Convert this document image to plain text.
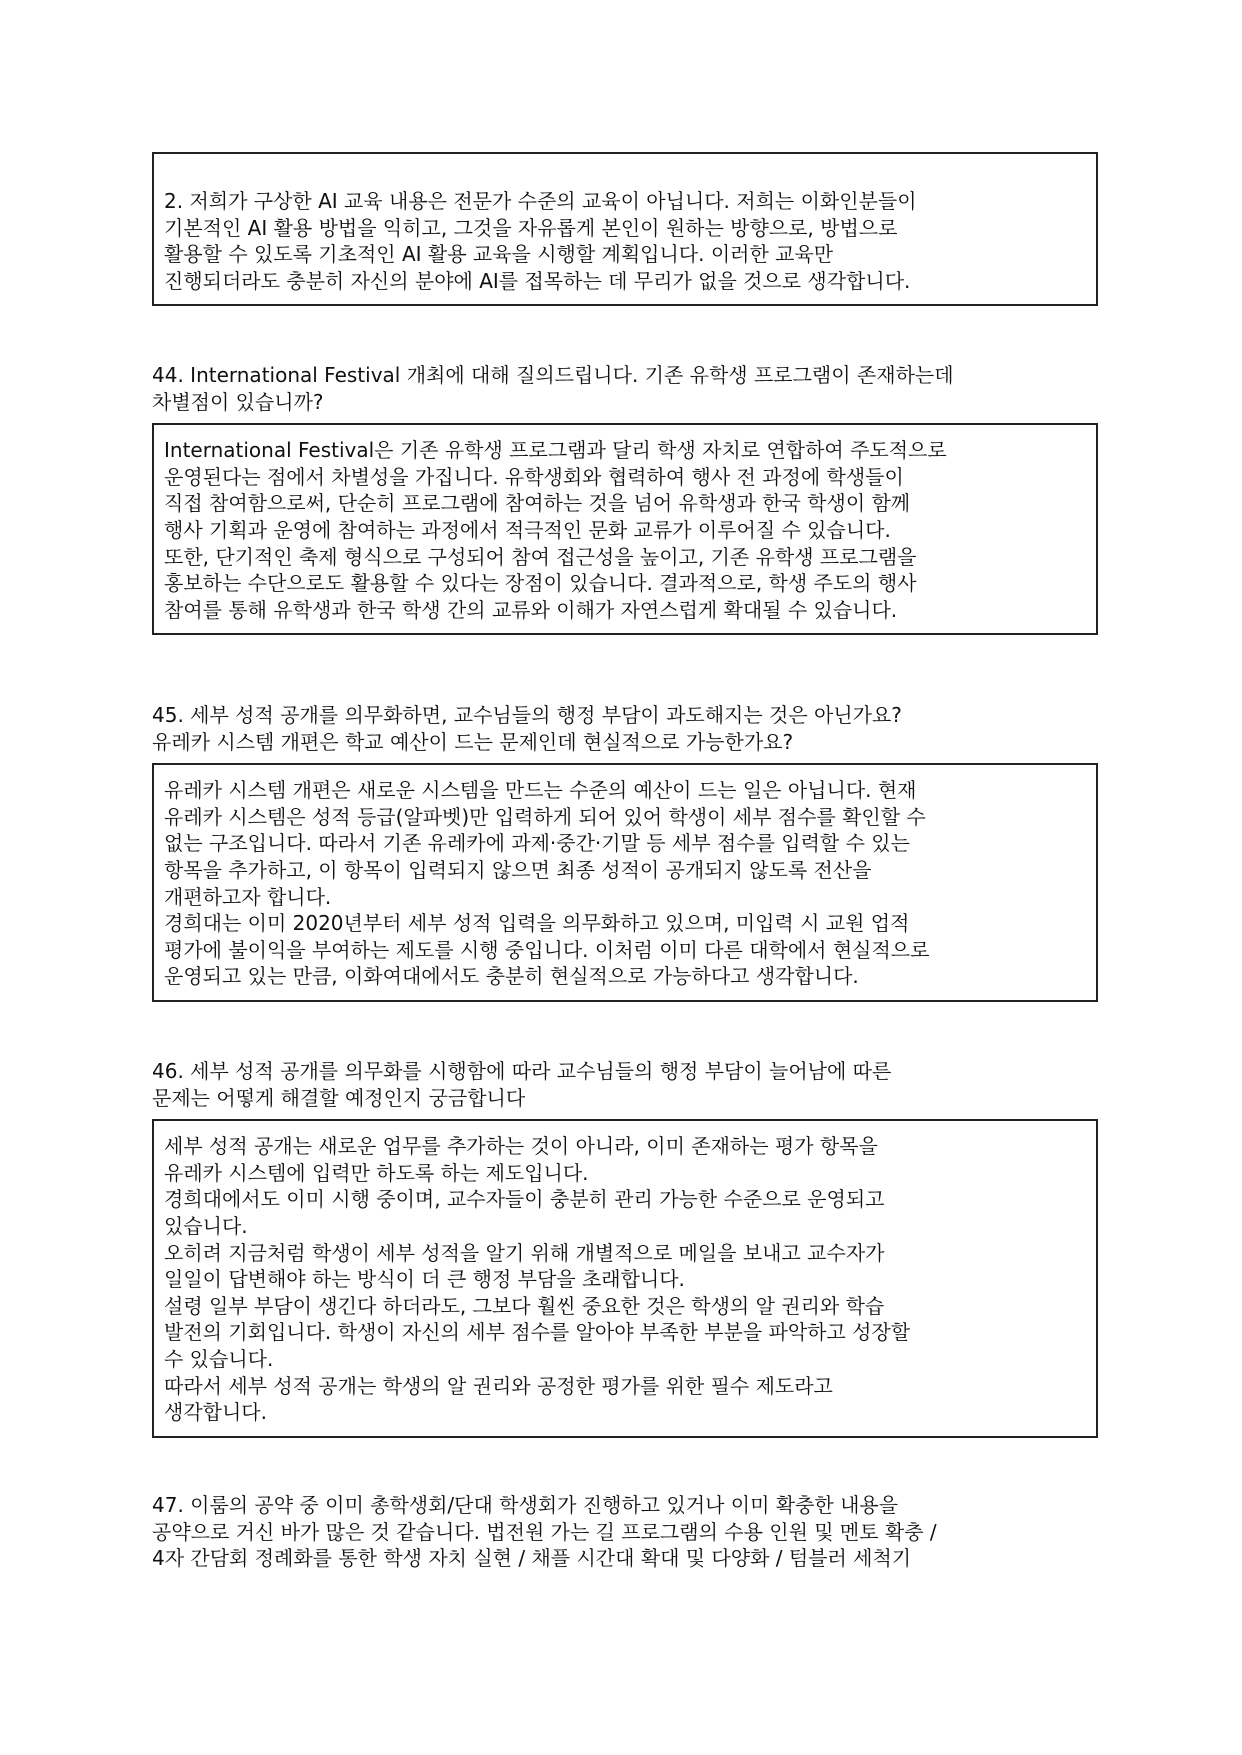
2. 저희가 구상한 AI 교육 내용은 전문가 수준의 교육이 아닙니다. 저희는 이화인분들이

기본적인 AI 활용 방법을 익히고, 그것을 자유롭게 본인이 원하는 방향으로, 방법으로

활용할 수 있도록 기초적인 AI 활용 교육을 시행할 계획입니다. 이러한 교육만

진행되더라도 충분히 자신의 분야에 AI를 접목하는 데 무리가 없을 것으로 생각합니다.

44. International Festival 개최에 대해 질의드립니다. 기존 유학생 프로그램이 존재하는데
차별점이 있습니까?

International Festival은 기존 유학생 프로그램과 달리 학생 자치로 연합하여 주도적으로

운영된다는 점에서 차별성을 가집니다. 유학생회와 협력하여 행사 전 과정에 학생들이

직접 참여함으로써, 단순히 프로그램에 참여하는 것을 넘어 유학생과 한국 학생이 함께

행사 기획과 운영에 참여하는 과정에서 적극적인 문화 교류가 이루어질 수 있습니다.

또한, 단기적인 축제 형식으로 구성되어 참여 접근성을 높이고, 기존 유학생 프로그램을

홍보하는 수단으로도 활용할 수 있다는 장점이 있습니다. 결과적으로, 학생 주도의 행사

참여를 통해 유학생과 한국 학생 간의 교류와 이해가 자연스럽게 확대될 수 있습니다.

45. 세부 성적 공개를 의무화하면, 교수님들의 행정 부담이 과도해지는 것은 아닌가요?
유레카 시스템 개편은 학교 예산이 드는 문제인데 현실적으로 가능한가요?

유레카 시스템 개편은 새로운 시스템을 만드는 수준의 예산이 드는 일은 아닙니다. 현재

유레카 시스템은 성적 등급(알파벳)만 입력하게 되어 있어 학생이 세부 점수를 확인할 수

없는 구조입니다. 따라서 기존 유레카에 과제·중간·기말 등 세부 점수를 입력할 수 있는

항목을 추가하고, 이 항목이 입력되지 않으면 최종 성적이 공개되지 않도록 전산을

개편하고자 합니다.

경희대는 이미 2020년부터 세부 성적 입력을 의무화하고 있으며, 미입력 시 교원 업적

평가에 불이익을 부여하는 제도를 시행 중입니다. 이처럼 이미 다른 대학에서 현실적으로

운영되고 있는 만큼, 이화여대에서도 충분히 현실적으로 가능하다고 생각합니다.

46. 세부 성적 공개를 의무화를 시행함에 따라 교수님들의 행정 부담이 늘어남에 따른
문제는 어떻게 해결할 예정인지 궁금합니다

세부 성적 공개는 새로운 업무를 추가하는 것이 아니라, 이미 존재하는 평가 항목을

유레카 시스템에 입력만 하도록 하는 제도입니다.

경희대에서도 이미 시행 중이며, 교수자들이 충분히 관리 가능한 수준으로 운영되고

있습니다.

오히려 지금처럼 학생이 세부 성적을 알기 위해 개별적으로 메일을 보내고 교수자가

일일이 답변해야 하는 방식이 더 큰 행정 부담을 초래합니다.

설령 일부 부담이 생긴다 하더라도, 그보다 훨씬 중요한 것은 학생의 알 권리와 학습

발전의 기회입니다. 학생이 자신의 세부 점수를 알아야 부족한 부분을 파악하고 성장할

수 있습니다.

따라서 세부 성적 공개는 학생의 알 권리와 공정한 평가를 위한 필수 제도라고

생각합니다.

47. 이룸의 공약 중 이미 총학생회/단대 학생회가 진행하고 있거나 이미 확충한 내용을
공약으로 거신 바가 많은 것 같습니다. 법전원 가는 길 프로그램의 수용 인원 및 멘토 확충 /
4자 간담회 정례화를 통한 학생 자치 실현 / 채플 시간대 확대 및 다양화 / 텀블러 세척기
